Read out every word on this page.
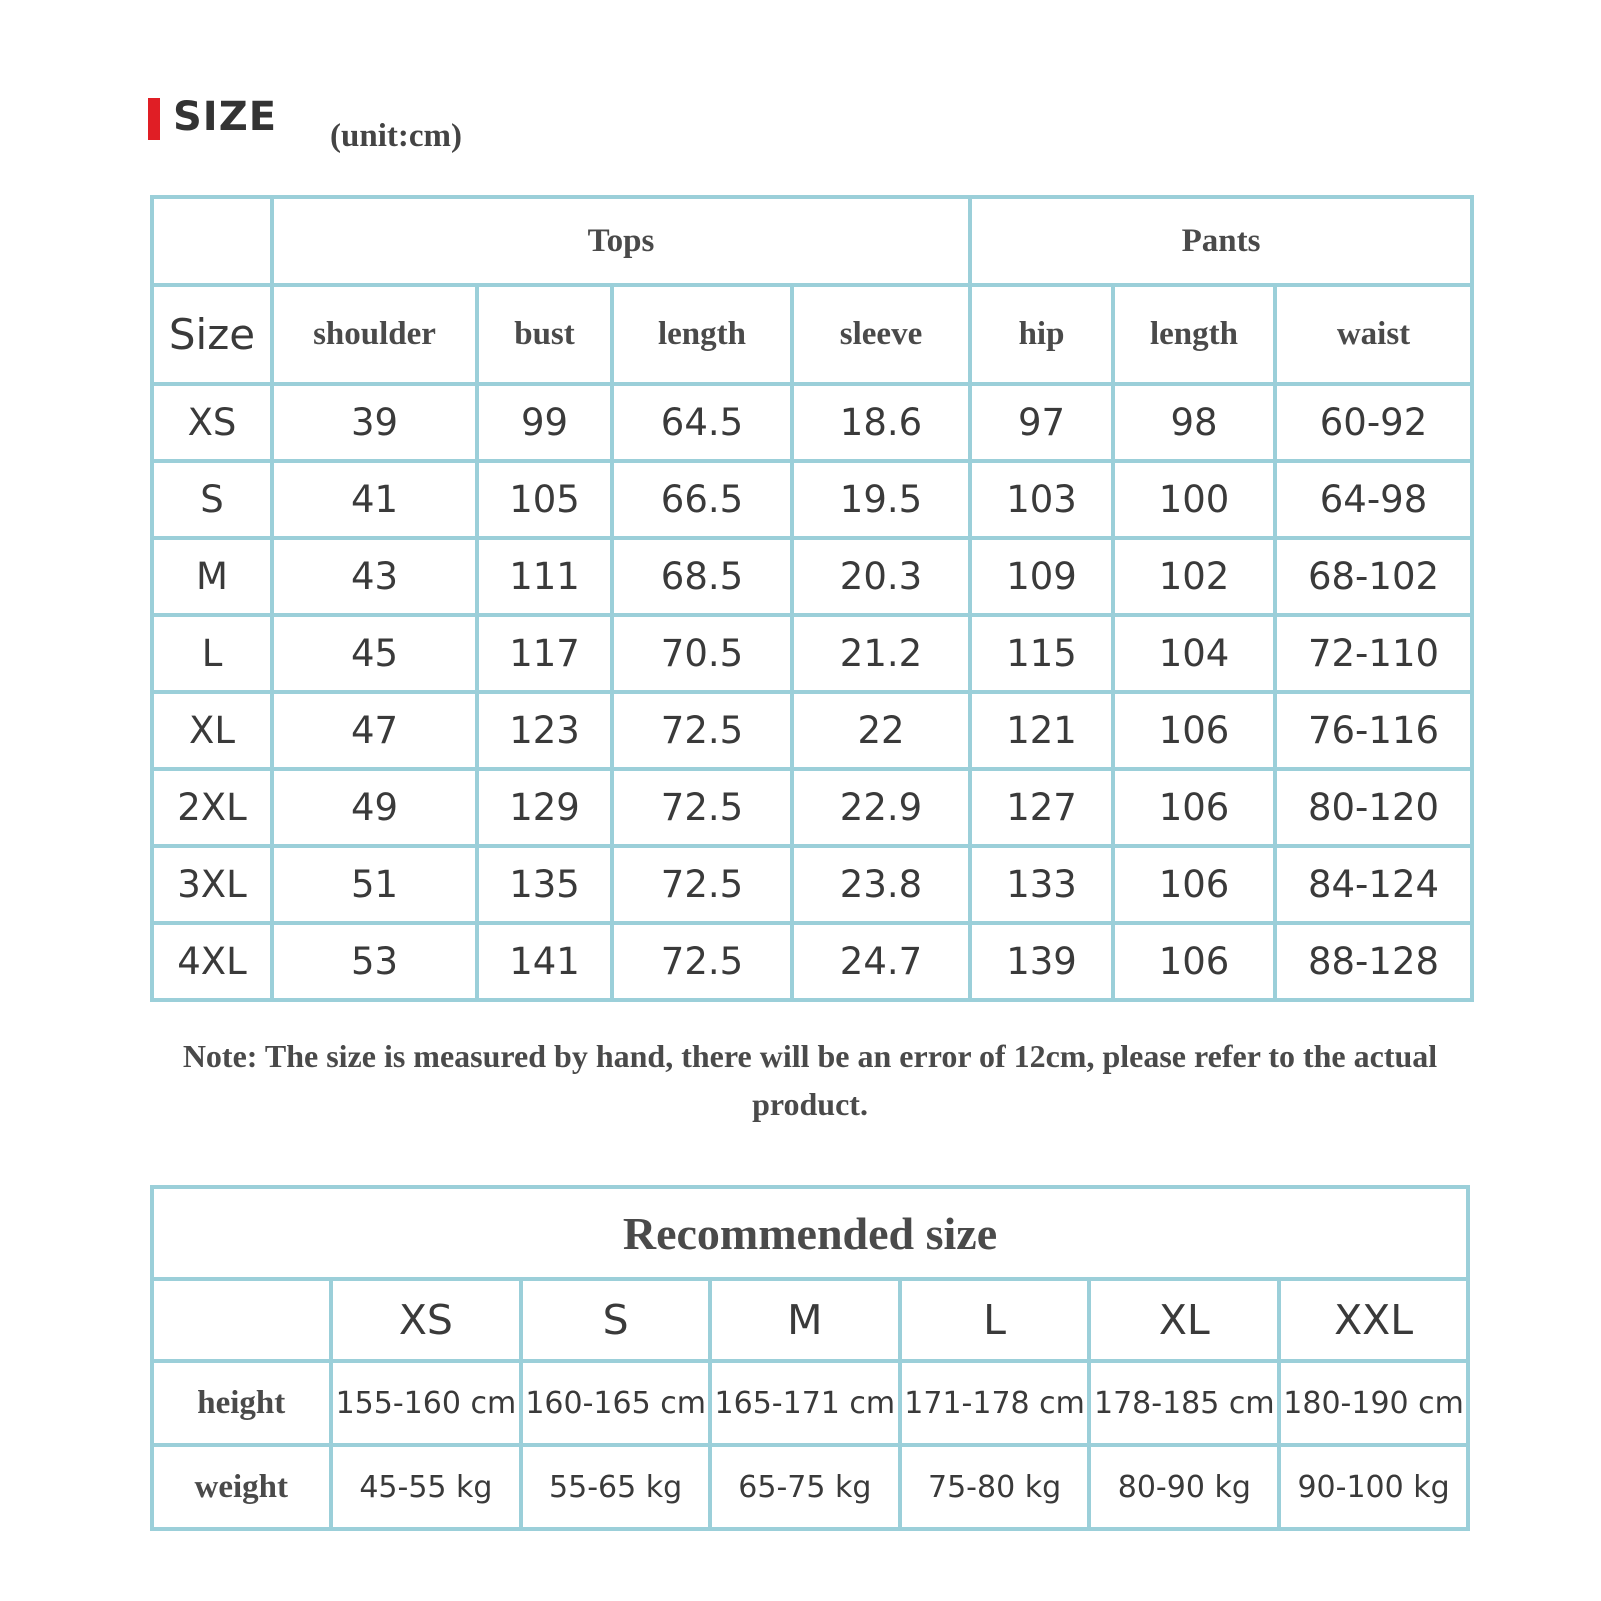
SIZE (unit:cm)
	Tops				Pants		
Size	shoulder	bust	length	sleeve	hip	length	waist
XS	39	99	64.5	18.6	97	98	60-92
S	41	105	66.5	19.5	103	100	64-98
M	43	111	68.5	20.3	109	102	68-102
L	45	117	70.5	21.2	115	104	72-110
XL	47	123	72.5	22	121	106	76-116
2XL	49	129	72.5	22.9	127	106	80-120
3XL	51	135	72.5	23.8	133	106	84-124
4XL	53	141	72.5	24.7	139	106	88-128
Note: The size is measured by hand, there will be an error of 12cm, please refer to the actual product.
Recommended size						
	XS	S	M	L	XL	XXL
height	155-160 cm	160-165 cm	165-171 cm	171-178 cm	178-185 cm	180-190 cm
weight	45-55 kg	55-65 kg	65-75 kg	75-80 kg	80-90 kg	90-100 kg
